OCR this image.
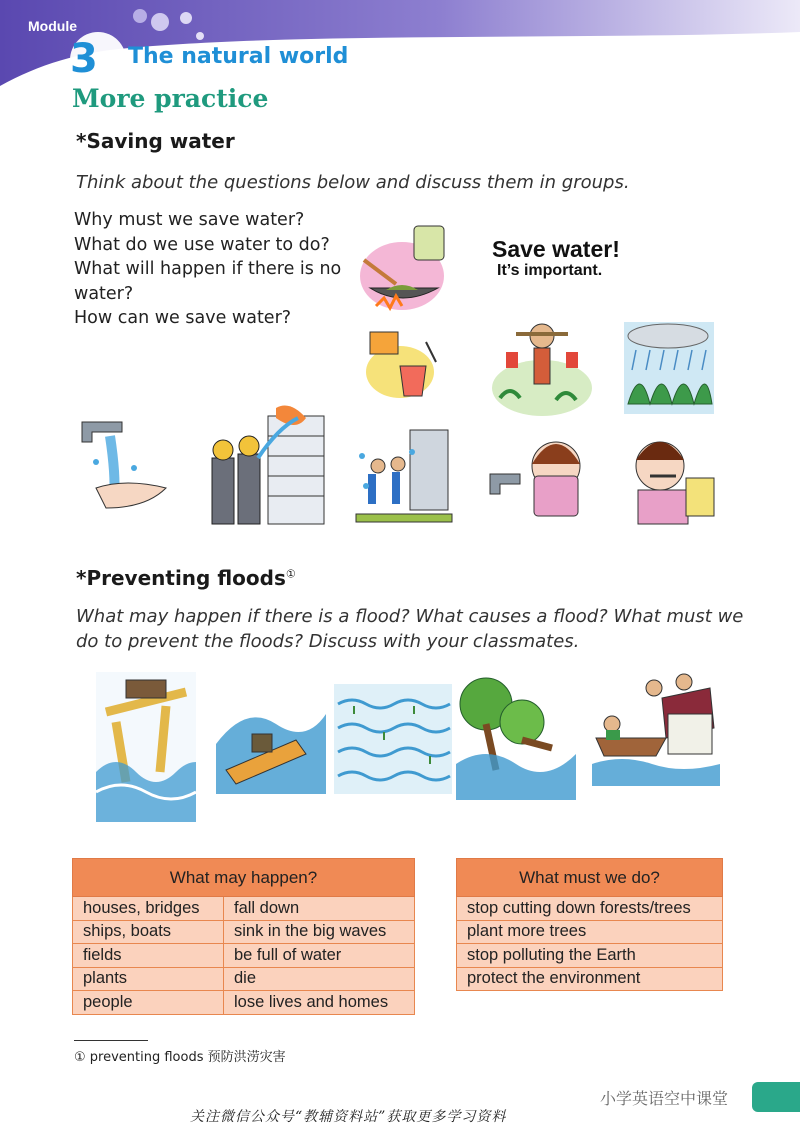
Module
3 The natural world
More practice
*Saving water
Think about the questions below and discuss them in groups.
Why must we save water?
What do we use water to do?
What will happen if there is no water?
How can we save water?
Save water!
It’s important.
*Preventing floods①
What may happen if there is a flood? What causes a flood? What must we do to prevent the floods? Discuss with your classmates.
What may happen?	
houses, bridges	fall down
ships, boats	sink in the big waves
fields	be full of water
plants	die
people	lose lives and homes
What must we do?
stop cutting down forests/trees
plant more trees
stop polluting the Earth
protect the environment
① preventing floods 预防洪涝灾害
小学英语空中课堂
关注微信公众号“教辅资料站”获取更多学习资料
